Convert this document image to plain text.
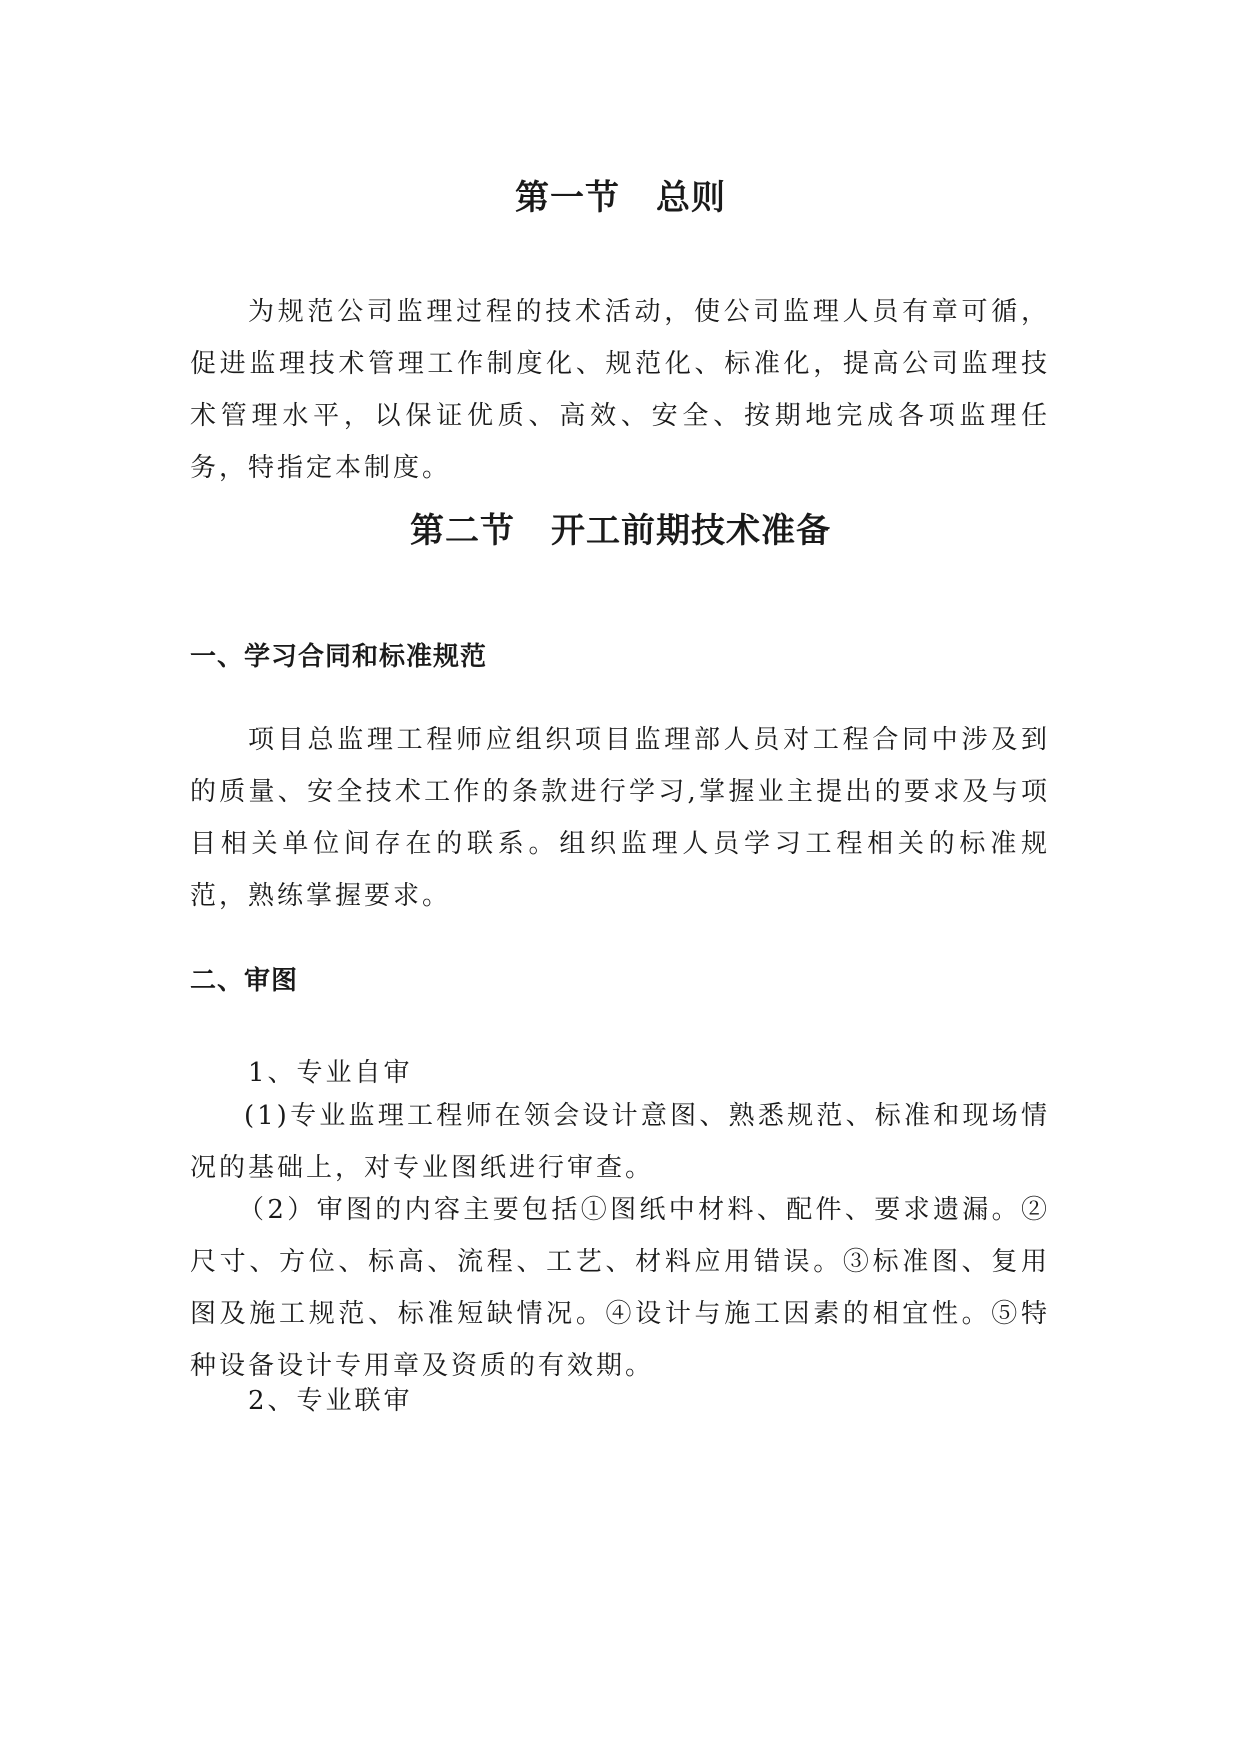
第一节 总则

为规范公司监理过程的技术活动，使公司监理人员有章可循，促进监理技术管理工作制度化、规范化、标准化，提高公司监理技术管理水平，以保证优质、高效、安全、按期地完成各项监理任务，特指定本制度。

第二节 开工前期技术准备
一、学习合同和标准规范

项目总监理工程师应组织项目监理部人员对工程合同中涉及到的质量、安全技术工作的条款进行学习,掌握业主提出的要求及与项目相关单位间存在的联系。组织监理人员学习工程相关的标准规范，熟练掌握要求。

二、审图

1、专业自审

(1)专业监理工程师在领会设计意图、熟悉规范、标准和现场情况的基础上，对专业图纸进行审查。

（2）审图的内容主要包括①图纸中材料、配件、要求遗漏。②尺寸、方位、标高、流程、工艺、材料应用错误。③标准图、复用图及施工规范、标准短缺情况。④设计与施工因素的相宜性。⑤特种设备设计专用章及资质的有效期。

2、专业联审
